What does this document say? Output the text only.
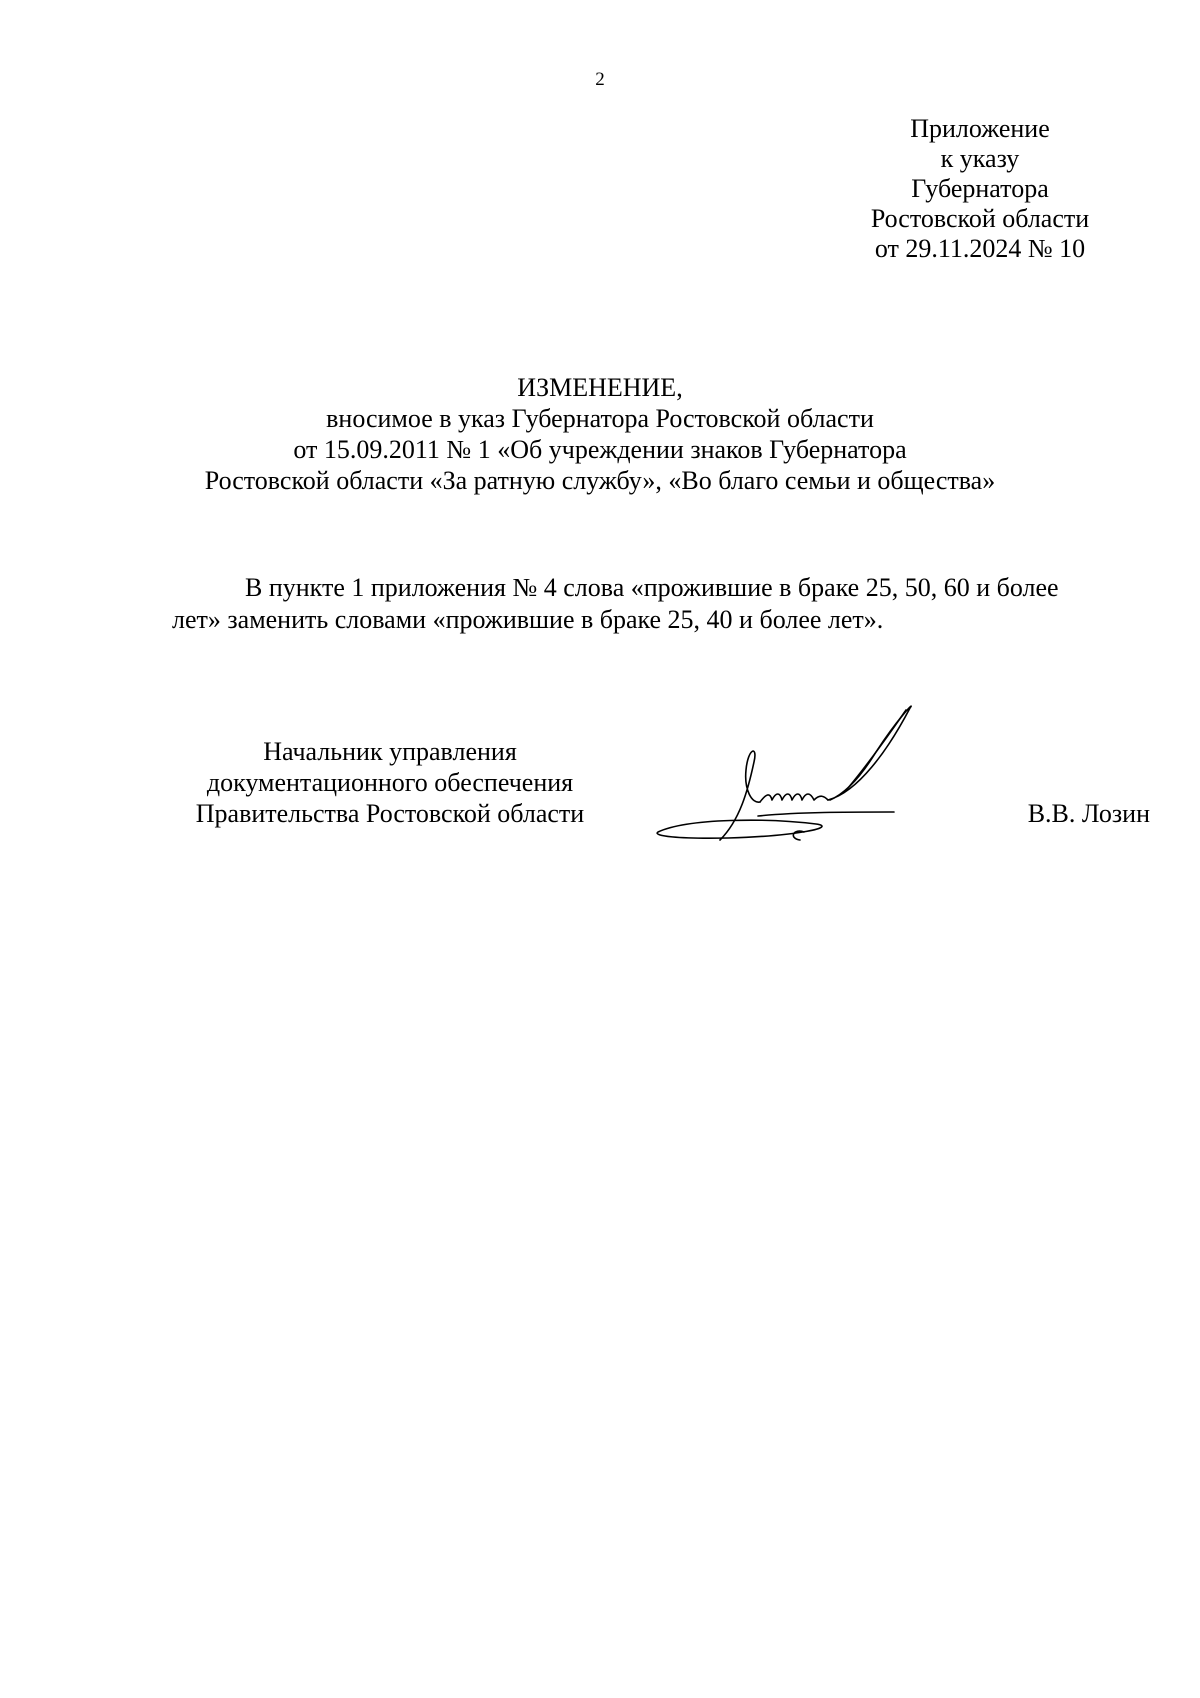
2
Приложение
к указу
Губернатора
Ростовской области
от 29.11.2024 № 10
ИЗМЕНЕНИЕ,
вносимое в указ Губернатора Ростовской области
от 15.09.2011 № 1 «Об учреждении знаков Губернатора
Ростовской области «За ратную службу», «Во благо семьи и общества»
В пункте 1 приложения № 4 слова «прожившие в браке 25, 50, 60 и более
лет» заменить словами «прожившие в браке 25, 40 и более лет».
Начальник управления
документационного обеспечения
Правительства Ростовской области	В.В. Лозин
